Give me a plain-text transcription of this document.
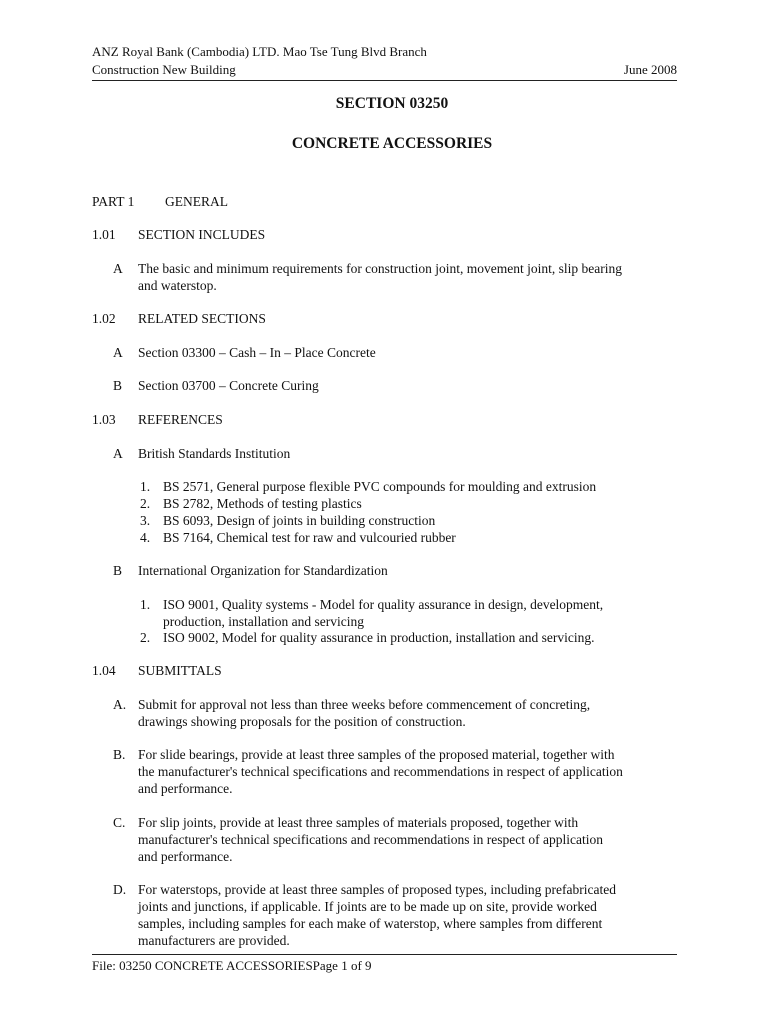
ANZ Royal Bank (Cambodia) LTD. Mao Tse Tung Blvd Branch
Construction New Building	June 2008
SECTION 03250
CONCRETE ACCESSORIES
PART 1 GENERAL
1.01 SECTION INCLUDES
A The basic and minimum requirements for construction joint, movement joint, slip bearing
and waterstop.
1.02 RELATED SECTIONS
A Section 03300 – Cash – In – Place Concrete
B Section 03700 – Concrete Curing
1.03 REFERENCES
A British Standards Institution
1. BS 2571, General purpose flexible PVC compounds for moulding and extrusion
2. BS 2782, Methods of testing plastics
3. BS 6093, Design of joints in building construction
4. BS 7164, Chemical test for raw and vulcouried rubber
B International Organization for Standardization
1. ISO 9001, Quality systems - Model for quality assurance in design, development,
production, installation and servicing
2. ISO 9002, Model for quality assurance in production, installation and servicing.
1.04 SUBMITTALS
A. Submit for approval not less than three weeks before commencement of concreting,
drawings showing proposals for the position of construction.
B. For slide bearings, provide at least three samples of the proposed material, together with
the manufacturer's technical specifications and recommendations in respect of application
and performance.
C. For slip joints, provide at least three samples of materials proposed, together with
manufacturer's technical specifications and recommendations in respect of application
and performance.
D. For waterstops, provide at least three samples of proposed types, including prefabricated
joints and junctions, if applicable. If joints are to be made up on site, provide worked
samples, including samples for each make of waterstop, where samples from different
manufacturers are provided.
File: 03250 CONCRETE ACCESSORIESPage 1 of 9
